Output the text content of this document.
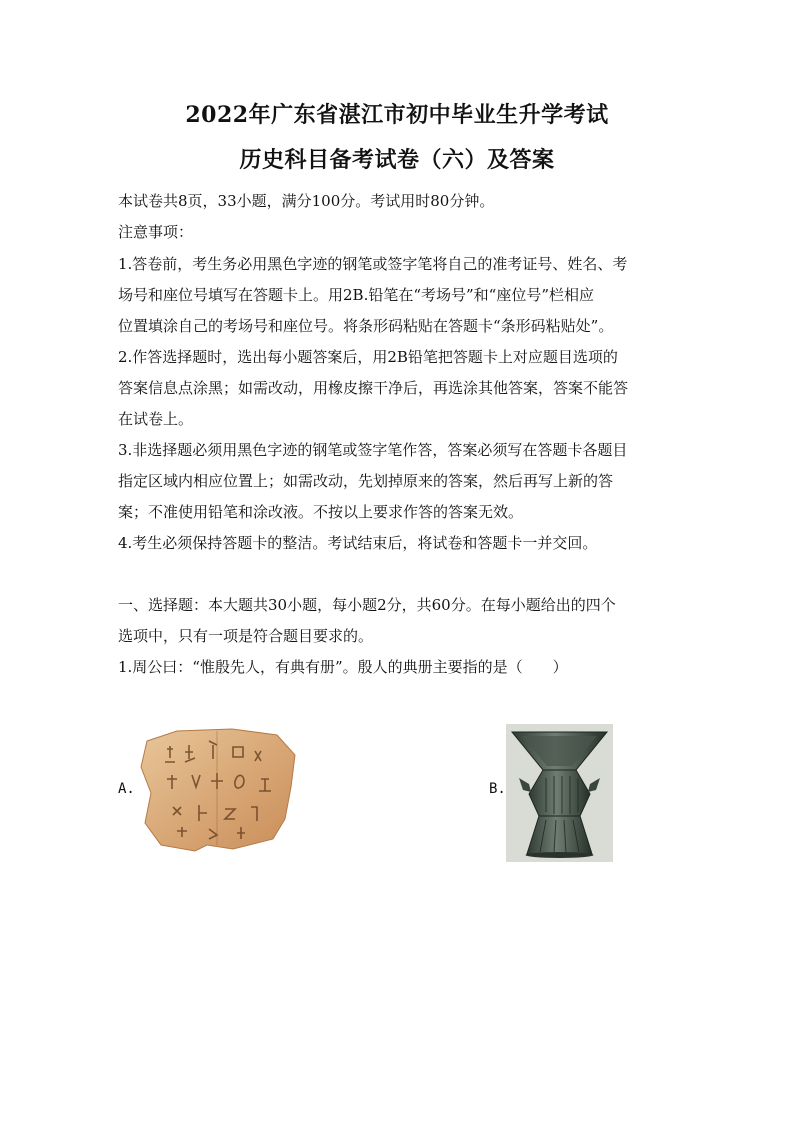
2022年广东省湛江市初中毕业生升学考试
历史科目备考试卷（六）及答案
本试卷共8页，33小题，满分100分。考试用时80分钟。
注意事项：
1.答卷前，考生务必用黑色字迹的钢笔或签字笔将自己的准考证号、姓名、考
场号和座位号填写在答题卡上。用2B.铅笔在“考场号”和“座位号”栏相应
位置填涂自己的考场号和座位号。将条形码粘贴在答题卡“条形码粘贴处”。
2.作答选择题时，选出每小题答案后，用2B铅笔把答题卡上对应题目选项的
答案信息点涂黑；如需改动，用橡皮擦干净后，再选涂其他答案，答案不能答
在试卷上。
3.非选择题必须用黑色字迹的钢笔或签字笔作答，答案必须写在答题卡各题目
指定区域内相应位置上；如需改动，先划掉原来的答案，然后再写上新的答
案；不准使用铅笔和涂改液。不按以上要求作答的答案无效。
4.考生必须保持答题卡的整洁。考试结束后，将试卷和答题卡一并交回。
一、选择题：本大题共30小题，每小题2分，共60分。在每小题给出的四个
选项中，只有一项是符合题目要求的。
1.周公曰：“惟殷先人，有典有册”。殷人的典册主要指的是（　　）
A.	B.
